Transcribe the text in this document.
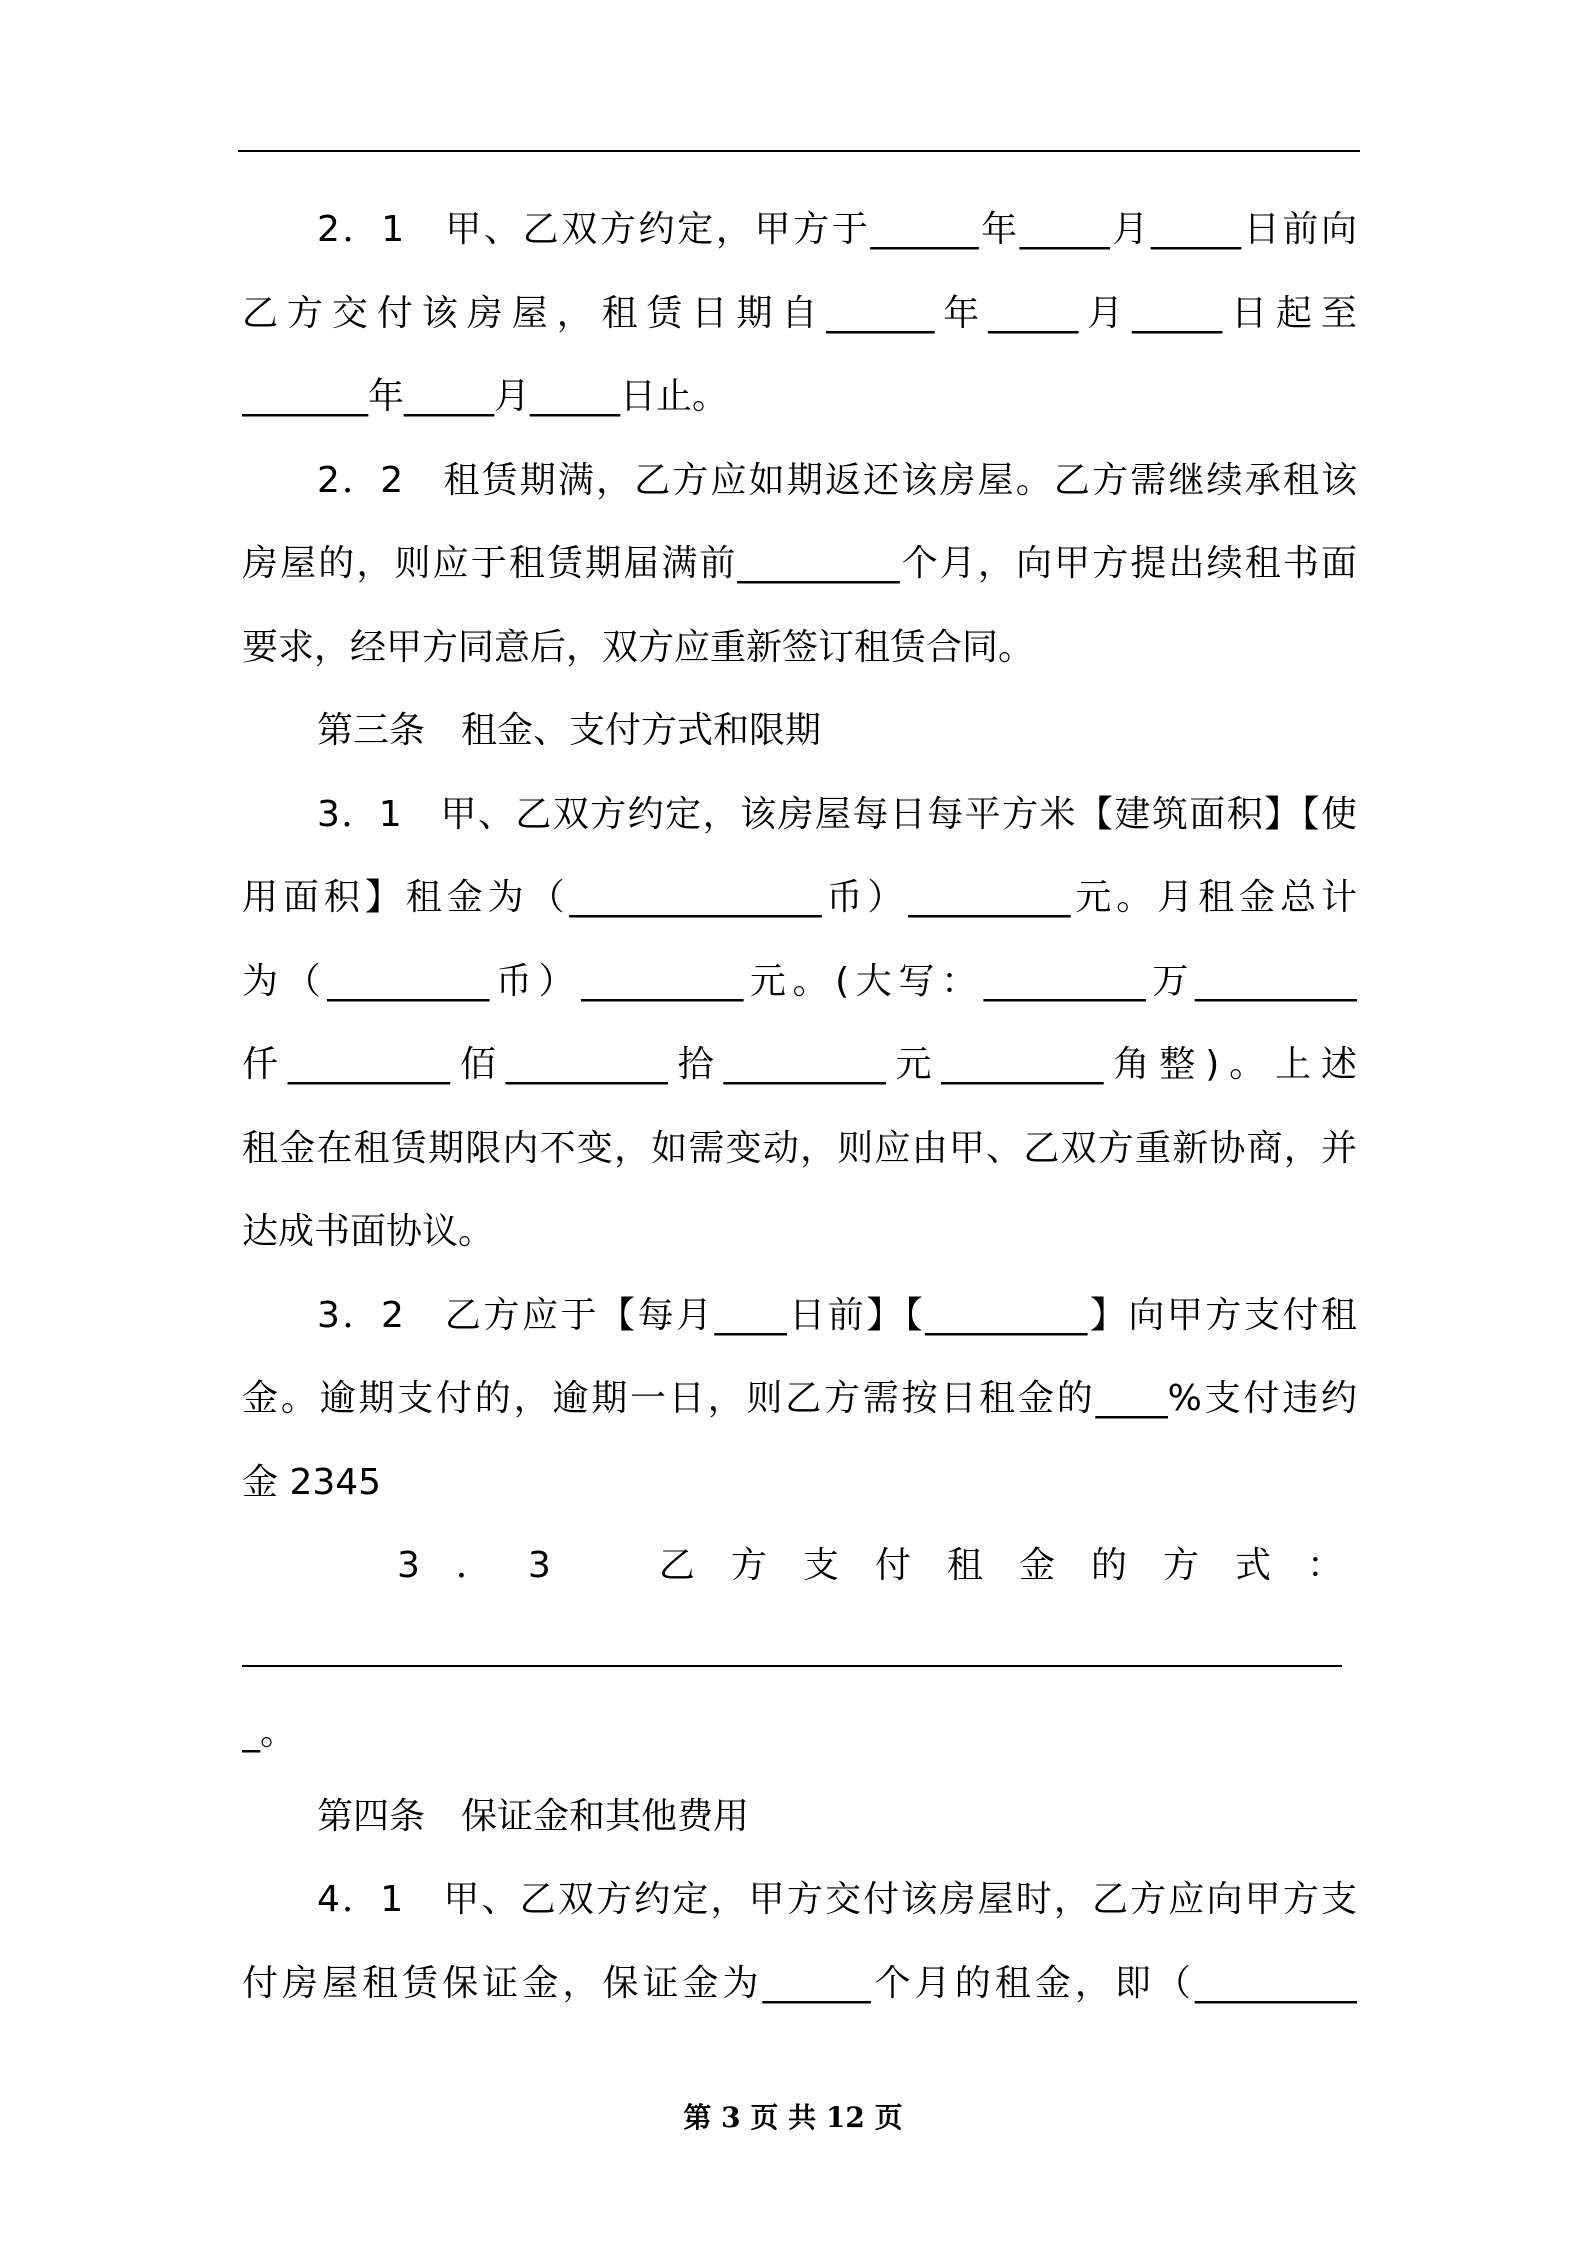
2．1　甲、乙双方约定，甲方于______年_____月_____日前向
乙方交付该房屋，租赁日期自______年_____月_____日起至
_______年_____月_____日止。
2．2　租赁期满，乙方应如期返还该房屋。乙方需继续承租该
房屋的，则应于租赁期届满前_________个月，向甲方提出续租书面
要求，经甲方同意后，双方应重新签订租赁合同。
第三条　租金、支付方式和限期
3．1　甲、乙双方约定，该房屋每日每平方米【建筑面积】【使
用面积】租金为（______________币）_________元。月租金总计
为（_________币）_________元。(大写：_________万_________
仟_________佰_________拾_________元_________角整)。上述
租金在租赁期限内不变，如需变动，则应由甲、乙双方重新协商，并
达成书面协议。
3．2　乙方应于【每月____日前】【_________】向甲方支付租
金。逾期支付的，逾期一日，则乙方需按日租金的____%支付违约
金 2345
3．3　乙方支付租金的方式：
_。
第四条　保证金和其他费用
4．1　甲、乙双方约定，甲方交付该房屋时，乙方应向甲方支
付房屋租赁保证金，保证金为______个月的租金，即（_________
第 3 页 共 12 页
